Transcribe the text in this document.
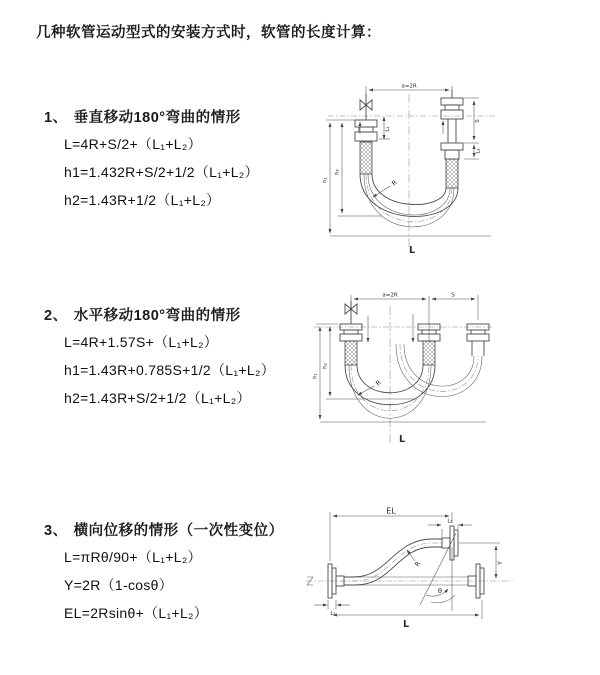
几种软管运动型式的安装方式时，软管的长度计算：
1、 垂直移动180°弯曲的情形
L=4R+S/2+（L₁+L₂）
h1=1.432R+S/2+1/2（L₁+L₂）
h2=1.43R+1/2（L₁+L₂）
2、 水平移动180°弯曲的情形
L=4R+1.57S+（L₁+L₂）
h1=1.43R+0.785S+1/2（L₁+L₂）
h2=1.43R+S/2+1/2（L₁+L₂）
3、 横向位移的情形（一次性变位）
L=πRθ/90+（L₁+L₂）
Y=2R（1-cosθ）
EL=2Rsinθ+（L₁+L₂）
a=2R
R
h₁
h₂
L₁
S
L₂
L
a=2R	S
R
h₁
h₂
L
R
θ
EL
L₂
Y
L₁
L
